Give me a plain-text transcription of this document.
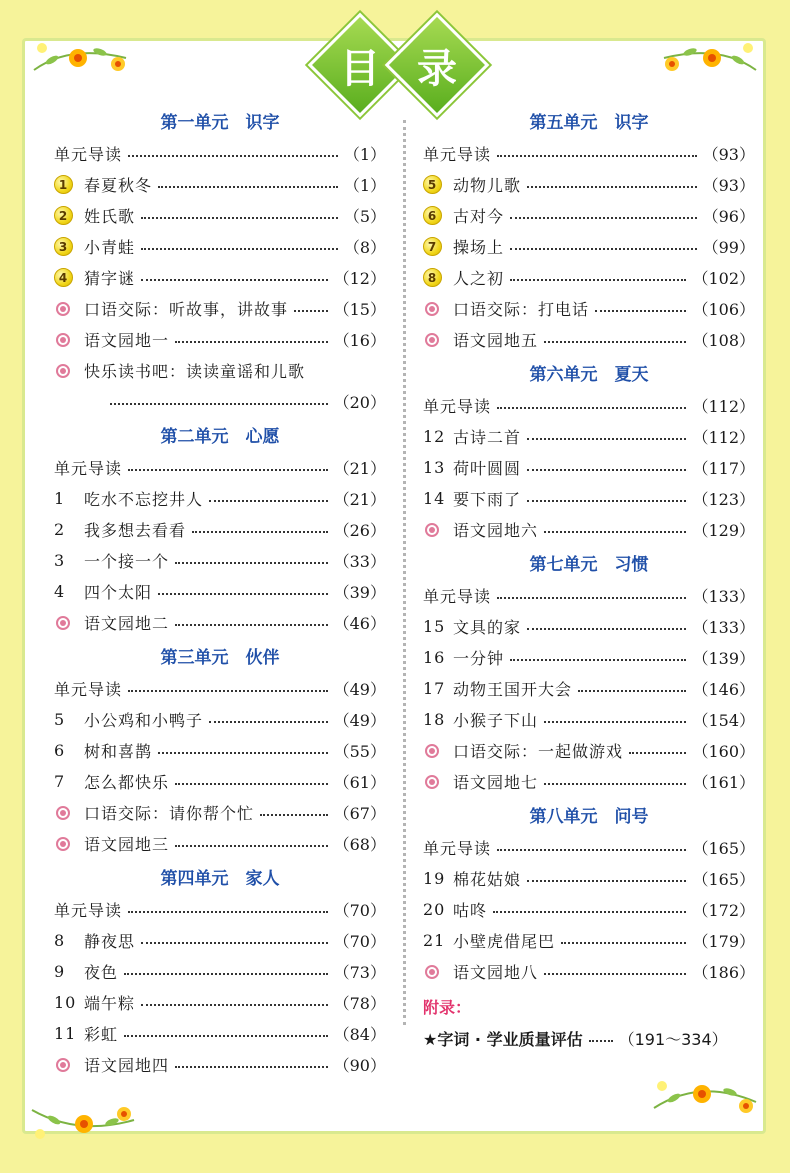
目 录
第一单元　识字
单元导读	（1）
1 春夏秋冬	（1）
2 姓氏歌	（5）
3 小青蛙	（8）
4 猜字谜	（12）
口语交际：听故事，讲故事	（15）
语文园地一	（16）
快乐读书吧：读读童谣和儿歌
（20）
第二单元　心愿
单元导读	（21）
1	吃水不忘挖井人	（21）
2	我多想去看看	（26）
3	一个接一个	（33）
4	四个太阳	（39）
语文园地二	（46）
第三单元　伙伴
单元导读	（49）
5	小公鸡和小鸭子	（49）
6	树和喜鹊	（55）
7	怎么都快乐	（61）
口语交际：请你帮个忙	（67）
语文园地三	（68）
第四单元　家人
单元导读	（70）
8	静夜思	（70）
9	夜色	（73）
10 端午粽	（78）
11 彩虹	（84）
语文园地四	（90）
第五单元　识字
单元导读	（93）
5 动物儿歌	（93）
6 古对今	（96）
7 操场上	（99）
8 人之初	（102）
口语交际：打电话	（106）
语文园地五	（108）
第六单元　夏天
单元导读	（112）
12 古诗二首	（112）
13 荷叶圆圆	（117）
14 要下雨了	（123）
语文园地六	（129）
第七单元　习惯
单元导读	（133）
15 文具的家	（133）
16 一分钟	（139）
17 动物王国开大会	（146）
18 小猴子下山	（154）
口语交际：一起做游戏	（160）
语文园地七	（161）
第八单元　问号
单元导读	（165）
19 棉花姑娘	（165）
20 咕咚	（172）
21 小壁虎借尾巴	（179）
语文园地八	（186）
附录：
★字词 · 学业质量评估 （191～334）
